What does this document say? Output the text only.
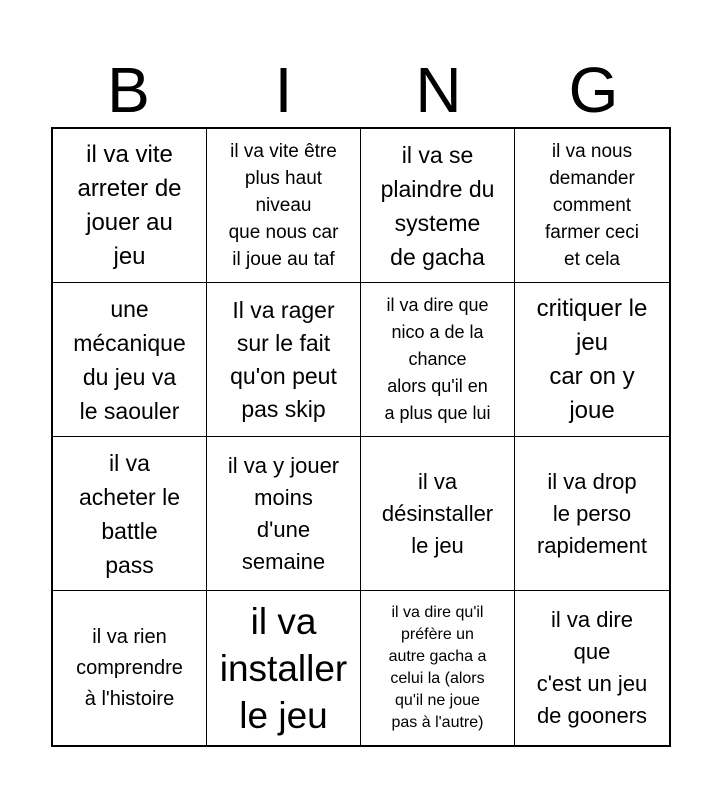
B	I	N	G
il va vite
arreter de
jouer au
jeu
il va vite être
plus haut
niveau
que nous car
il joue au taf
il va se
plaindre du
systeme
de gacha
il va nous
demander
comment
farmer ceci
et cela
une
mécanique
du jeu va
le saouler
Il va rager
sur le fait
qu'on peut
pas skip
il va dire que
nico a de la
chance
alors qu'il en
a plus que lui
critiquer le
jeu
car on y
joue
il va
acheter le
battle
pass
il va y jouer
moins
d'une
semaine
il va
désinstaller
le jeu
il va drop
le perso
rapidement
il va rien
comprendre
à l'histoire
il va
installer
le jeu
il va dire qu'il
préfère un
autre gacha a
celui la (alors
qu'il ne joue
pas à l'autre)
il va dire
que
c'est un jeu
de gooners
